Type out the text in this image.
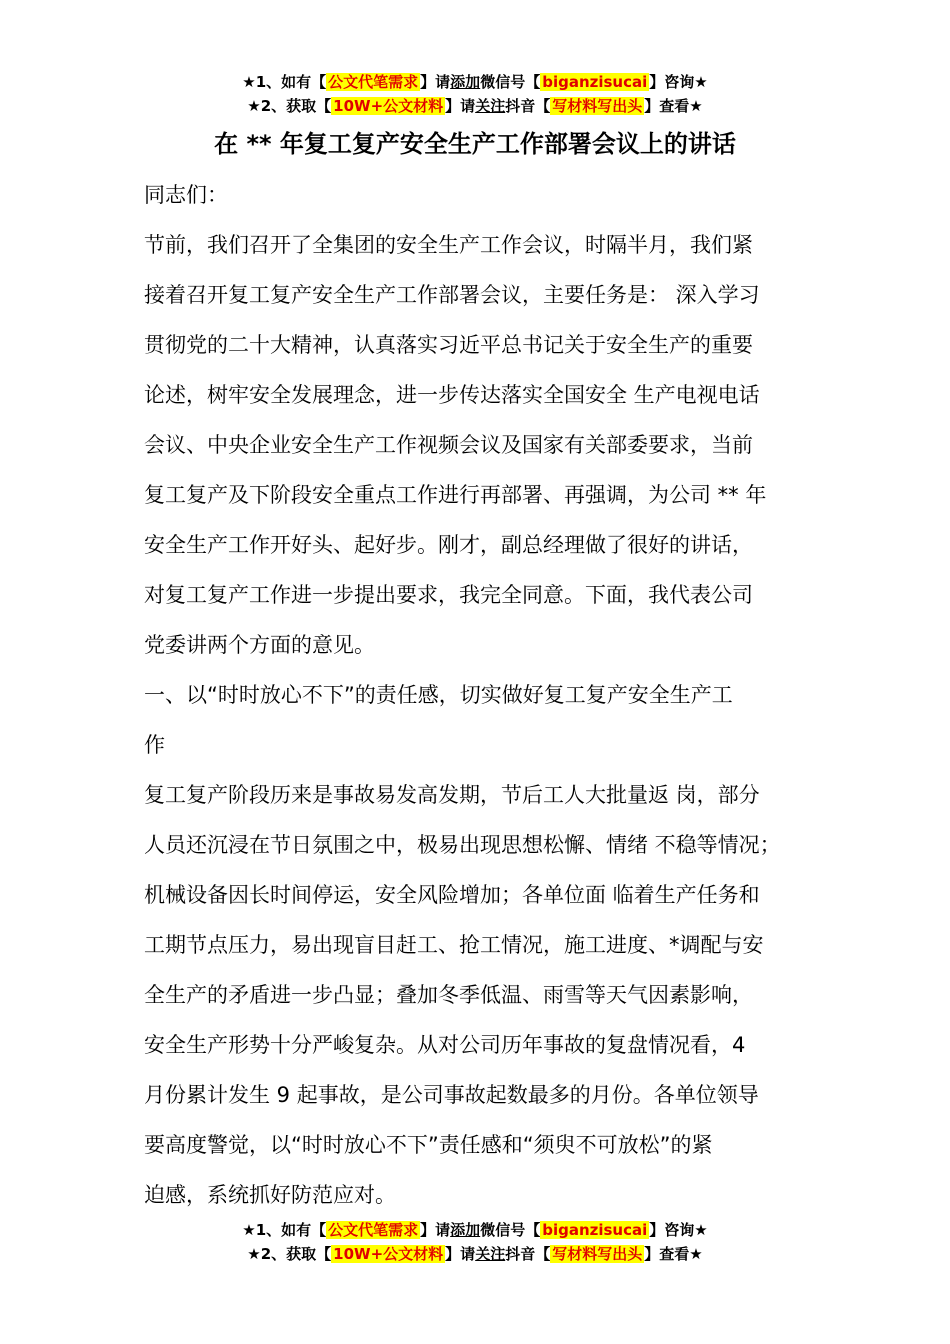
★1、如有【 公文代笔需求 】请添加微信号【 biganzisucai 】咨询★
★2、获取【 10W+公文材料 】请关注抖音【 写材料写出头 】查看★
在 ** 年复工复产安全生产工作部署会议上的讲话
同志们：
节前，我们召开了全集团的安全生产工作会议，时隔半月，我们紧
接着召开复工复产安全生产工作部署会议，主要任务是： 深入学习
贯彻党的二十大精神，认真落实习近平总书记关于安全生产的重要
论述，树牢安全发展理念，进一步传达落实全国安全 生产电视电话
会议、中央企业安全生产工作视频会议及国家有关部委要求，当前
复工复产及下阶段安全重点工作进行再部署、再强调，为公司 ** 年
安全生产工作开好头、起好步。刚才，副总经理做了很好的讲话，
对复工复产工作进一步提出要求，我完全同意。下面，我代表公司
党委讲两个方面的意见。
一、以“时时放心不下”的责任感，切实做好复工复产安全生产工
作
复工复产阶段历来是事故易发高发期，节后工人大批量返 岗，部分
人员还沉浸在节日氛围之中，极易出现思想松懈、情绪 不稳等情况；
机械设备因长时间停运，安全风险增加；各单位面 临着生产任务和
工期节点压力，易出现盲目赶工、抢工情况，施工进度、*调配与安
全生产的矛盾进一步凸显；叠加冬季低温、雨雪等天气因素影响，
安全生产形势十分严峻复杂。从对公司历年事故的复盘情况看，4
月份累计发生 9 起事故，是公司事故起数最多的月份。各单位领导
要高度警觉，以“时时放心不下”责任感和“须臾不可放松”的紧
迫感，系统抓好防范应对。
★1、如有【 公文代笔需求 】请添加微信号【 biganzisucai 】咨询★
★2、获取【 10W+公文材料 】请关注抖音【 写材料写出头 】查看★
